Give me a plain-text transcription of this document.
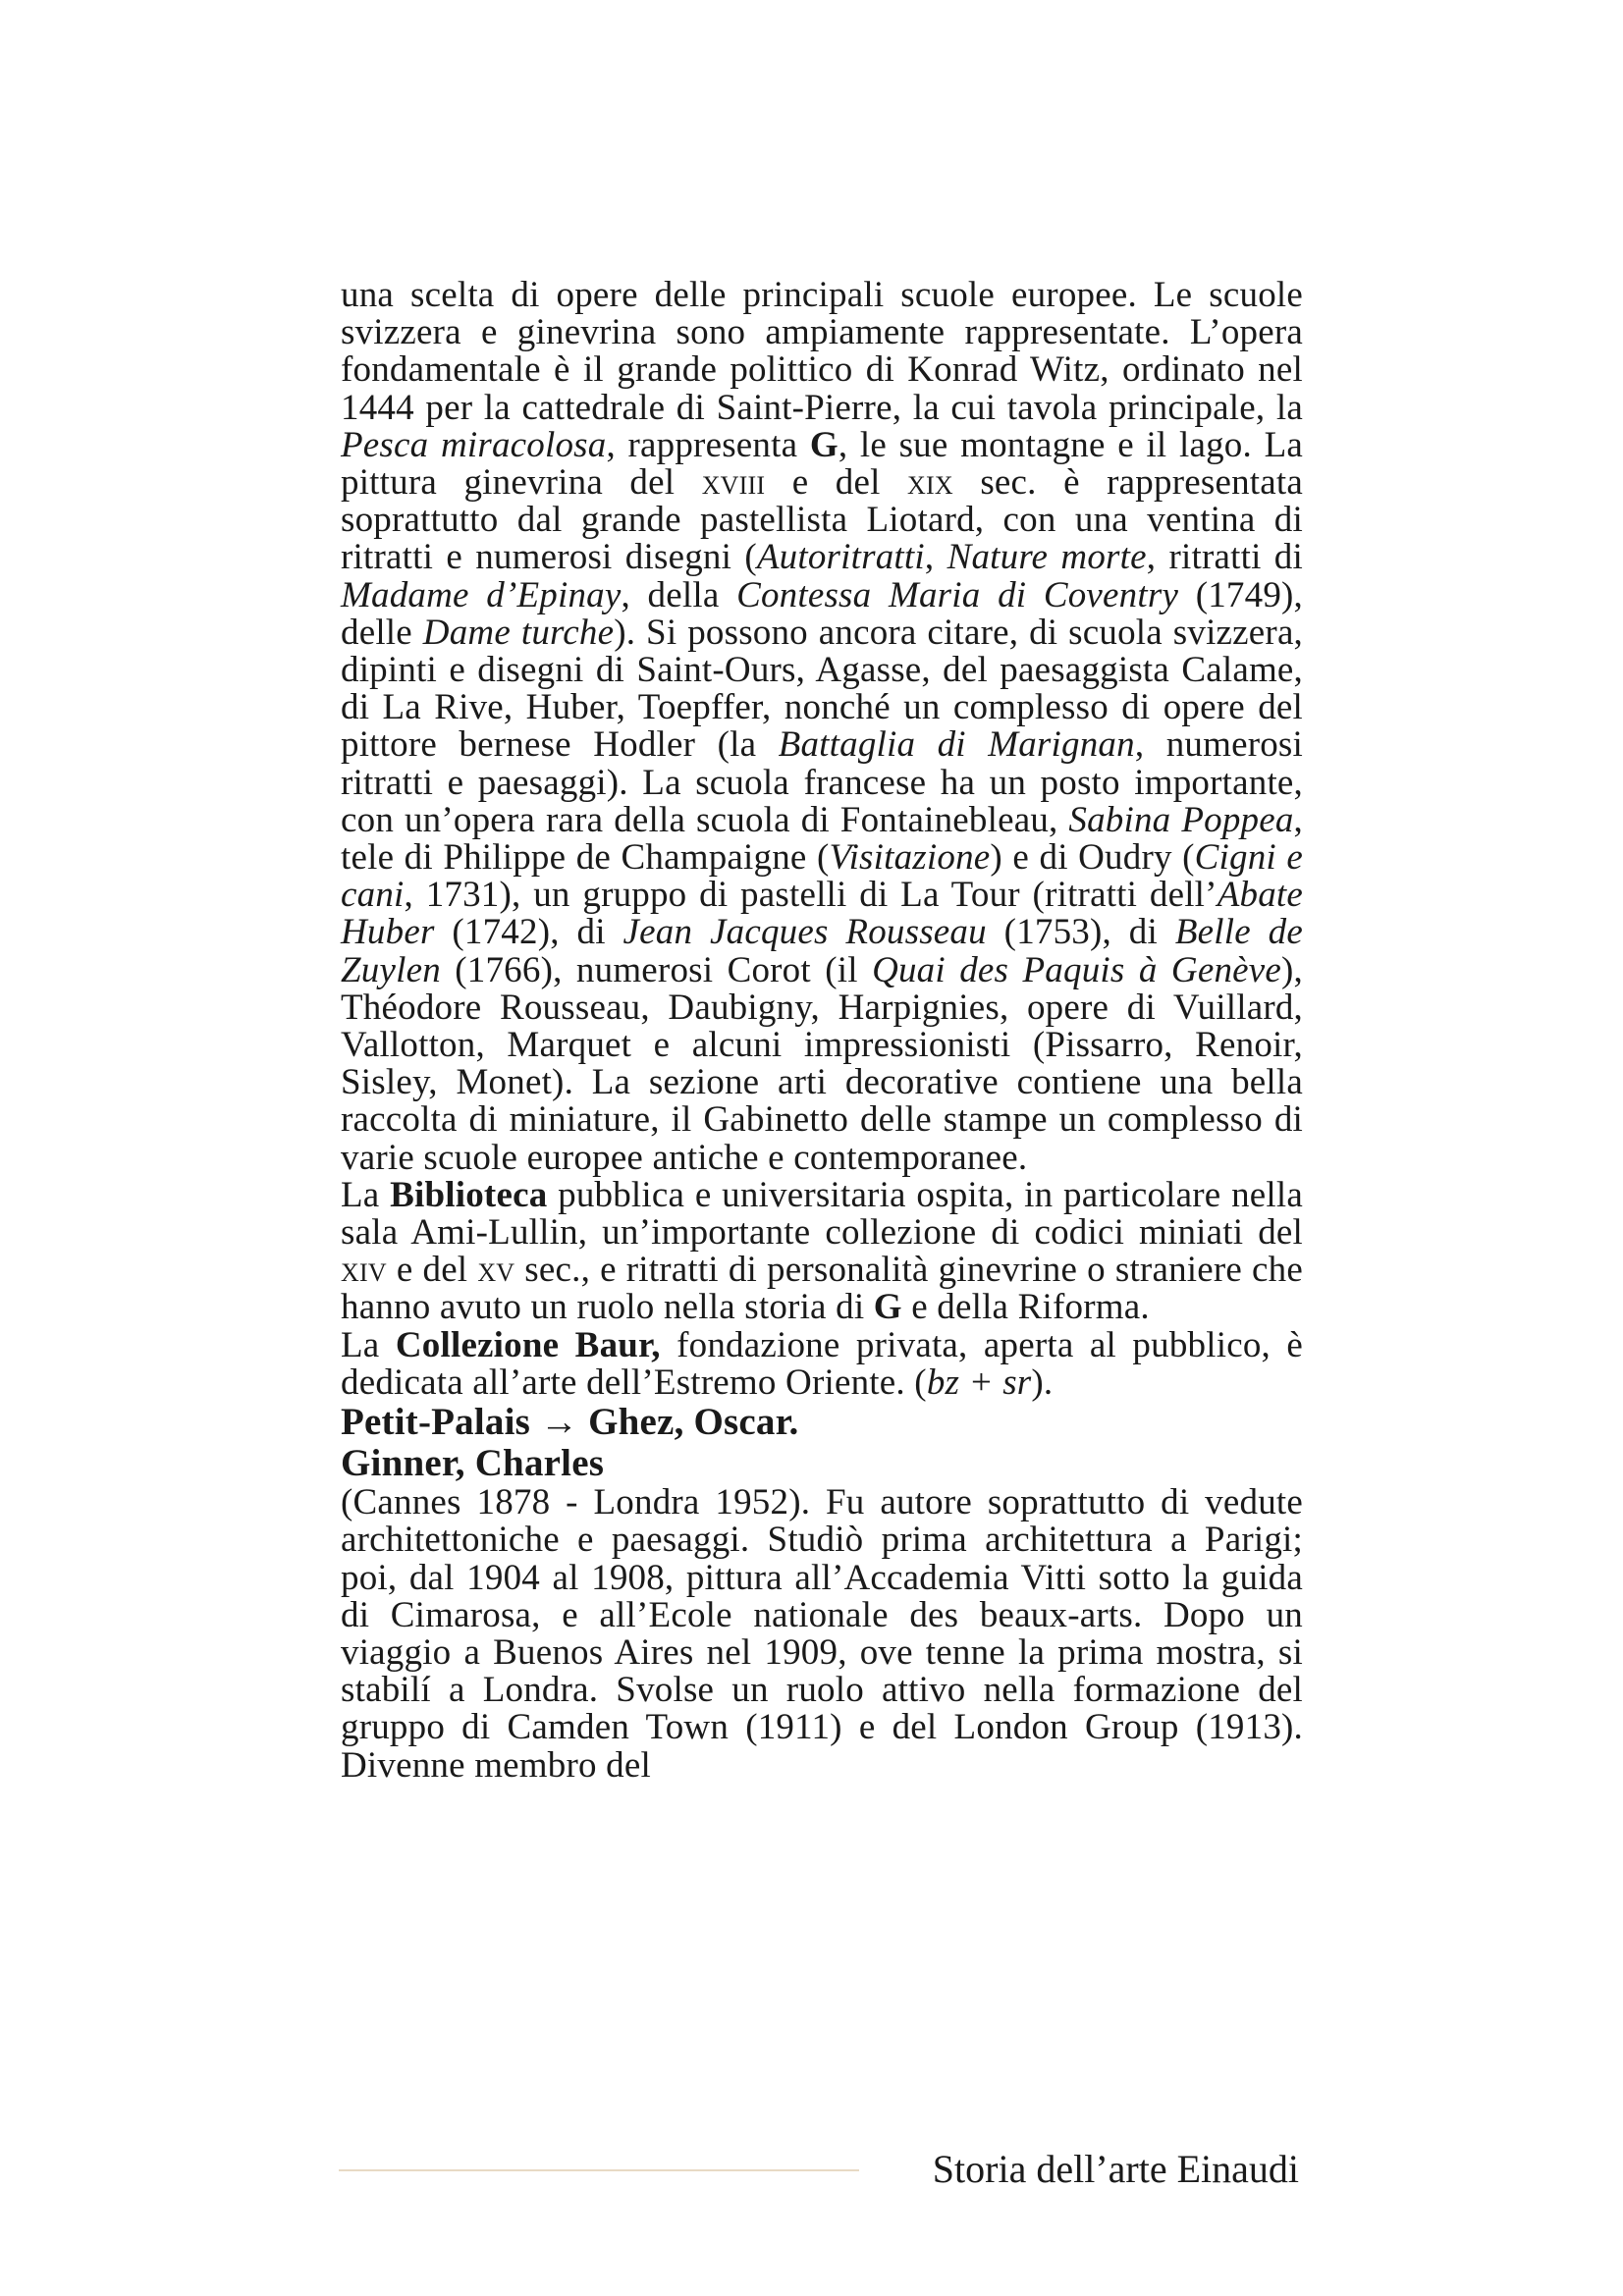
una scelta di opere delle principali scuole europee. Le scuole svizzera e ginevrina sono ampiamente rappresentate. L’opera fondamentale è il grande polittico di Konrad Witz, ordinato nel 1444 per la cattedrale di Saint-Pierre, la cui tavola principale, la Pesca miracolosa, rappresenta G, le sue montagne e il lago. La pittura ginevrina del xviii e del xix sec. è rappresentata soprattutto dal grande pastellista Liotard, con una ventina di ritratti e numerosi disegni (Autoritratti, Nature morte, ritratti di Madame d’Epinay, della Contessa Maria di Coventry (1749), delle Dame turche). Si possono ancora citare, di scuola svizzera, dipinti e disegni di Saint-Ours, Agasse, del paesaggista Calame, di La Rive, Huber, Toepffer, nonché un complesso di opere del pittore bernese Hodler (la Battaglia di Marignan, numerosi ritratti e paesaggi). La scuola francese ha un posto importante, con un’opera rara della scuola di Fontainebleau, Sabina Poppea, tele di Philippe de Champaigne (Visitazione) e di Oudry (Cigni e cani, 1731), un gruppo di pastelli di La Tour (ritratti dell’Abate Huber (1742), di Jean Jacques Rousseau (1753), di Belle de Zuylen (1766), numerosi Corot (il Quai des Paquis à Genève), Théodore Rousseau, Daubigny, Harpignies, opere di Vuillard, Vallotton, Marquet e alcuni impressionisti (Pissarro, Renoir, Sisley, Monet). La sezione arti decorative contiene una bella raccolta di miniature, il Gabinetto delle stampe un complesso di varie scuole europee antiche e contemporanee.

La Biblioteca pubblica e universitaria ospita, in particolare nella sala Ami-Lullin, un’importante collezione di codici miniati del xiv e del xv sec., e ritratti di personalità ginevrine o straniere che hanno avuto un ruolo nella storia di G e della Riforma.

La Collezione Baur, fondazione privata, aperta al pubblico, è dedicata all’arte dell’Estremo Oriente. (bz + sr).

Petit-Palais → Ghez, Oscar.

Ginner, Charles

(Cannes 1878 - Londra 1952). Fu autore soprattutto di vedute architettoniche e paesaggi. Studiò prima architettura a Parigi; poi, dal 1904 al 1908, pittura all’Accademia Vitti sotto la guida di Cimarosa, e all’Ecole nationale des beaux-arts. Dopo un viaggio a Buenos Aires nel 1909, ove tenne la prima mostra, si stabilí a Londra. Svolse un ruolo attivo nella formazione del gruppo di Camden Town (1911) e del London Group (1913). Divenne membro del

Storia dell’arte Einaudi
